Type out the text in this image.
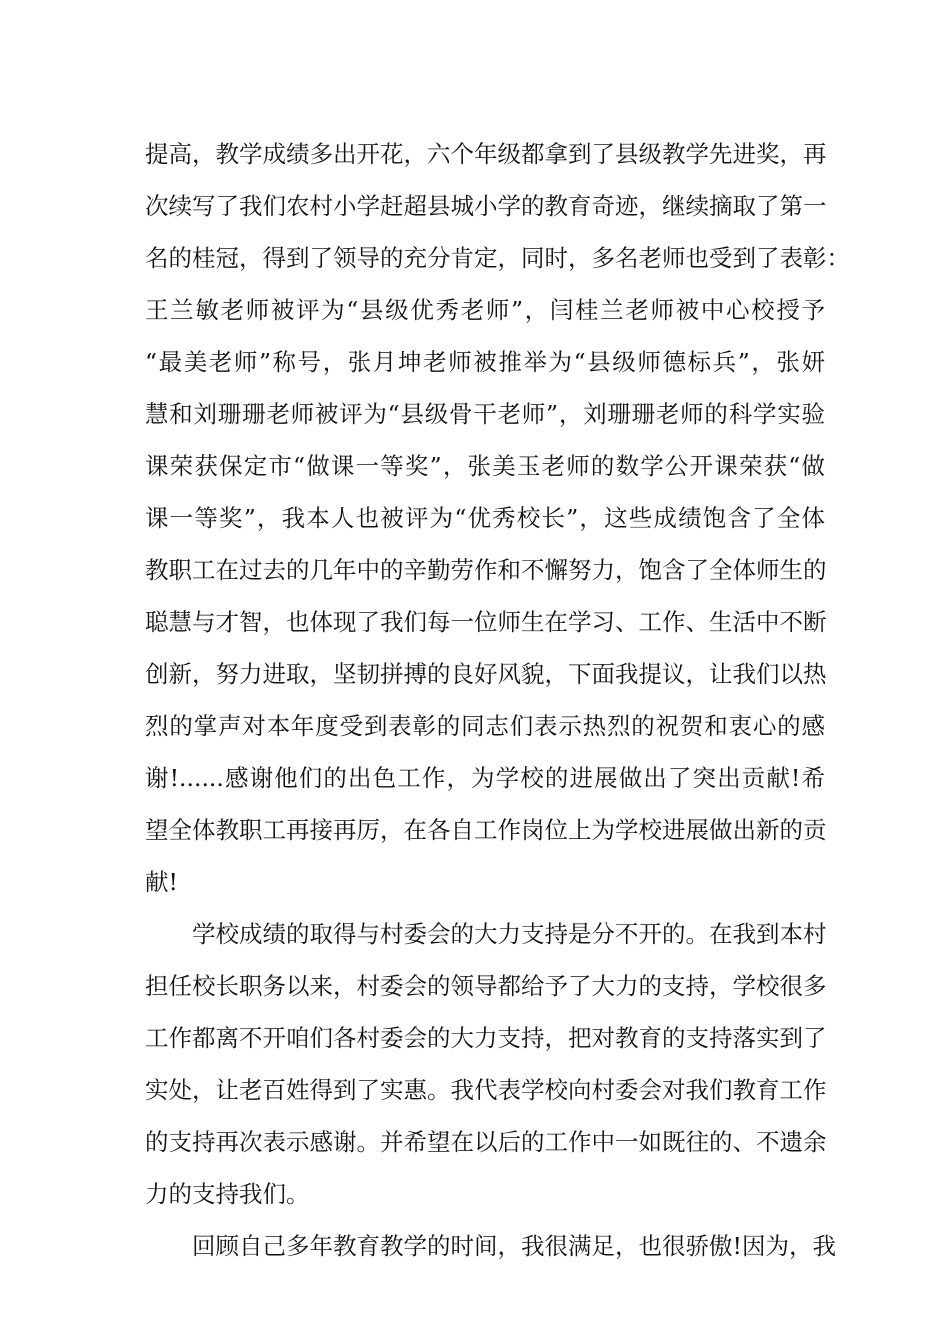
提高，教学成绩多出开花，六个年级都拿到了县级教学先进奖，再
次续写了我们农村小学赶超县城小学的教育奇迹，继续摘取了第一
名的桂冠，得到了领导的充分肯定，同时，多名老师也受到了表彰：
王兰敏老师被评为“县级优秀老师”，闫桂兰老师被中心校授予
“最美老师”称号，张月坤老师被推举为“县级师德标兵”，张妍
慧和刘珊珊老师被评为“县级骨干老师”，刘珊珊老师的科学实验
课荣获保定市“做课一等奖”，张美玉老师的数学公开课荣获“做
课一等奖”，我本人也被评为“优秀校长”，这些成绩饱含了全体
教职工在过去的几年中的辛勤劳作和不懈努力，饱含了全体师生的
聪慧与才智，也体现了我们每一位师生在学习、工作、生活中不断
创新，努力进取，坚韧拼搏的良好风貌，下面我提议，让我们以热
烈的掌声对本年度受到表彰的同志们表示热烈的祝贺和衷心的感
谢!......感谢他们的出色工作，为学校的进展做出了突出贡献!希
望全体教职工再接再厉，在各自工作岗位上为学校进展做出新的贡
献!
学校成绩的取得与村委会的大力支持是分不开的。在我到本村
担任校长职务以来，村委会的领导都给予了大力的支持，学校很多
工作都离不开咱们各村委会的大力支持，把对教育的支持落实到了
实处，让老百姓得到了实惠。我代表学校向村委会对我们教育工作
的支持再次表示感谢。并希望在以后的工作中一如既往的、不遗余
力的支持我们。
回顾自己多年教育教学的时间，我很满足，也很骄傲!因为，我
